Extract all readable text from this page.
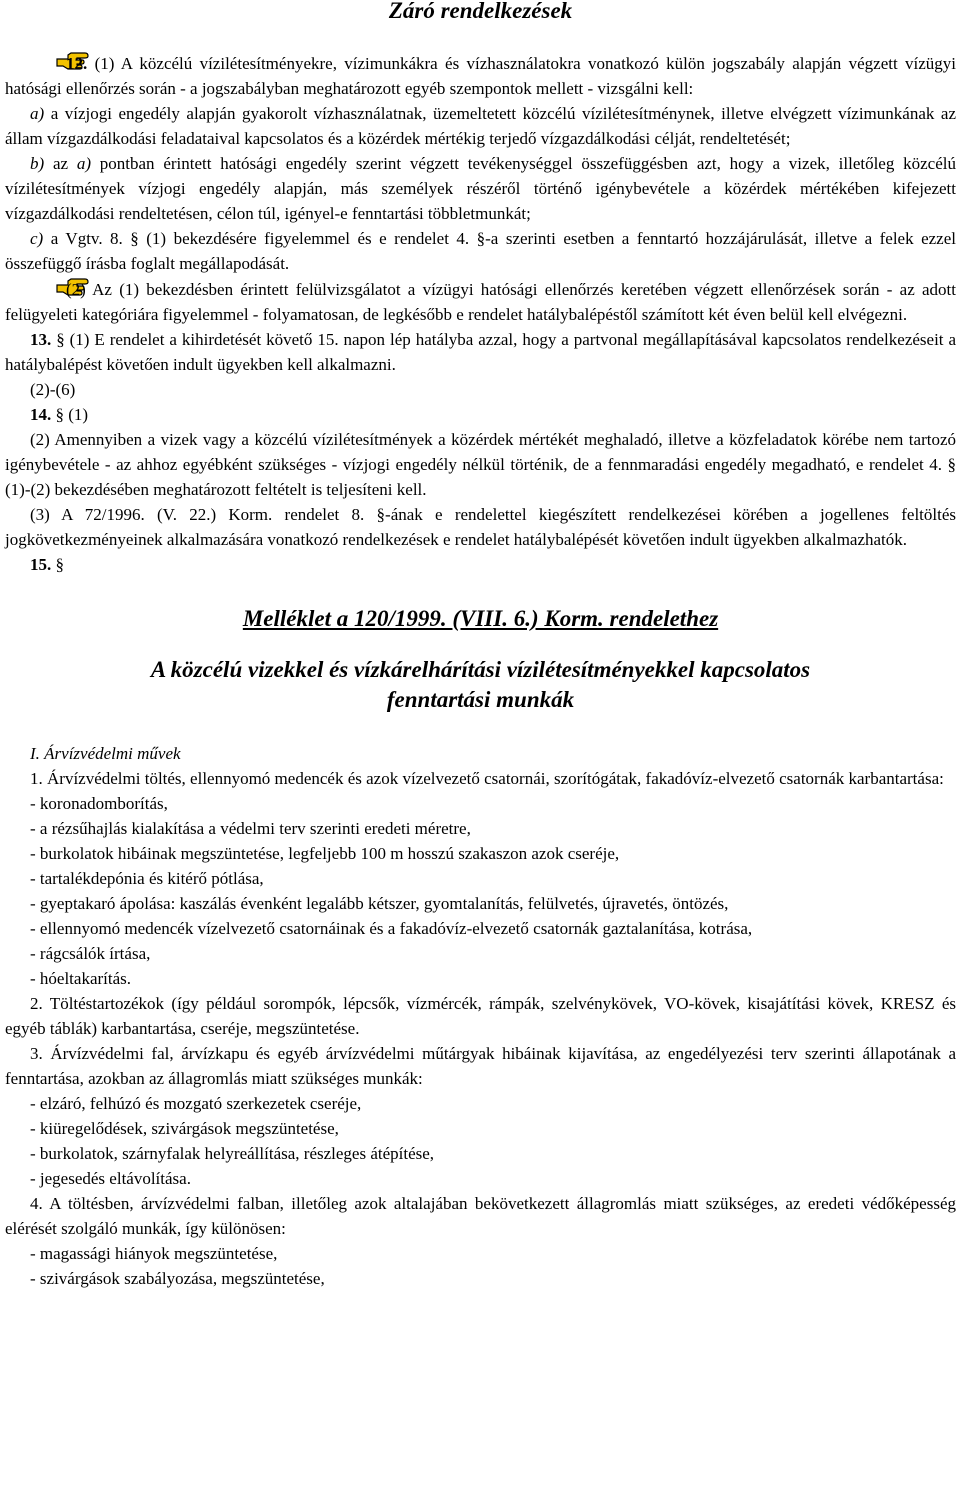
Záró rendelkezések

12. (1) A közcélú vízilétesítményekre, vízimunkákra és vízhasználatokra vonatkozó külön jogszabály alapján végzett vízügyi hatósági ellenőrzés során - a jogszabályban meghatározott egyéb szempontok mellett - vizsgálni kell:

a) a vízjogi engedély alapján gyakorolt vízhasználatnak, üzemeltetett közcélú vízilétesítménynek, illetve elvégzett vízimunkának az állam vízgazdálkodási feladataival kapcsolatos és a közérdek mértékig terjedő vízgazdálkodási célját, rendeltetését;

b) az a) pontban érintett hatósági engedély szerint végzett tevékenységgel összefüggésben azt, hogy a vizek, illetőleg közcélú vízilétesítmények vízjogi engedély alapján, más személyek részéről történő igénybevétele a közérdek mértékében kifejezett vízgazdálkodási rendeltetésen, célon túl, igényel-e fenntartási többletmunkát;

c) a Vgtv. 8. § (1) bekezdésére figyelemmel és e rendelet 4. §-a szerinti esetben a fenntartó hozzájárulását, illetve a felek ezzel összefüggő írásba foglalt megállapodását.

(2) Az (1) bekezdésben érintett felülvizsgálatot a vízügyi hatósági ellenőrzés keretében végzett ellenőrzések során - az adott felügyeleti kategóriára figyelemmel - folyamatosan, de legkésőbb e rendelet hatálybalépéstől számított két éven belül kell elvégezni.

13. § (1) E rendelet a kihirdetését követő 15. napon lép hatályba azzal, hogy a partvonal megállapításával kapcsolatos rendelkezéseit a hatálybalépést követően indult ügyekben kell alkalmazni.

(2)-(6)

14. § (1)

(2) Amennyiben a vizek vagy a közcélú vízilétesítmények a közérdek mértékét meghaladó, illetve a közfeladatok körébe nem tartozó igénybevétele - az ahhoz egyébként szükséges - vízjogi engedély nélkül történik, de a fennmaradási engedély megadható, e rendelet 4. § (1)-(2) bekezdésében meghatározott feltételt is teljesíteni kell.

(3) A 72/1996. (V. 22.) Korm. rendelet 8. §-ának e rendelettel kiegészített rendelkezései körében a jogellenes feltöltés jogkövetkezményeinek alkalmazására vonatkozó rendelkezések e rendelet hatálybalépését követően indult ügyekben alkalmazhatók.

15. §

Melléklet a 120/1999. (VIII. 6.) Korm. rendelethez

A közcélú vizekkel és vízkárelhárítási vízilétesítményekkel kapcsolatos
fenntartási munkák

I. Árvízvédelmi művek

1. Árvízvédelmi töltés, ellennyomó medencék és azok vízelvezető csatornái, szorítógátak, fakadóvíz-elvezető csatornák karbantartása:

- koronadomborítás,

- a rézsűhajlás kialakítása a védelmi terv szerinti eredeti méretre,

- burkolatok hibáinak megszüntetése, legfeljebb 100 m hosszú szakaszon azok cseréje,

- tartalékdepónia és kitérő pótlása,

- gyeptakaró ápolása: kaszálás évenként legalább kétszer, gyomtalanítás, felülvetés, újravetés, öntözés,

- ellennyomó medencék vízelvezető csatornáinak és a fakadóvíz-elvezető csatornák gaztalanítása, kotrása,

- rágcsálók írtása,

- hóeltakarítás.

2. Töltéstartozékok (így például sorompók, lépcsők, vízmércék, rámpák, szelvénykövek, VO-kövek, kisajátítási kövek, KRESZ és egyéb táblák) karbantartása, cseréje, megszüntetése.

3. Árvízvédelmi fal, árvízkapu és egyéb árvízvédelmi műtárgyak hibáinak kijavítása, az engedélyezési terv szerinti állapotának a fenntartása, azokban az állagromlás miatt szükséges munkák:

- elzáró, felhúzó és mozgató szerkezetek cseréje,

- kiüregelődések, szivárgások megszüntetése,

- burkolatok, szárnyfalak helyreállítása, részleges átépítése,

- jegesedés eltávolítása.

4. A töltésben, árvízvédelmi falban, illetőleg azok altalajában bekövetkezett állagromlás miatt szükséges, az eredeti védőképesség elérését szolgáló munkák, így különösen:

- magassági hiányok megszüntetése,

- szivárgások szabályozása, megszüntetése,
